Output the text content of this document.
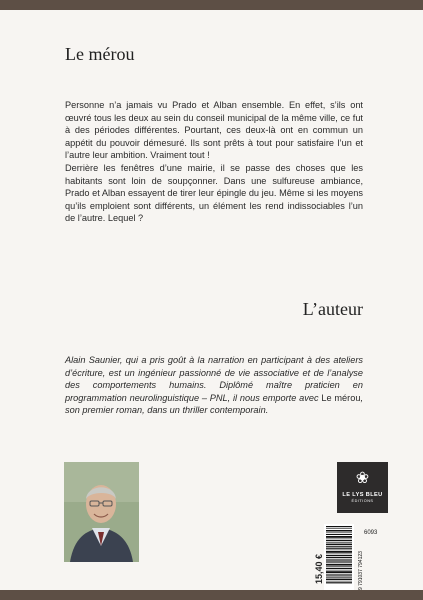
Le mérou

Personne n’a jamais vu Prado et Alban ensemble. En effet, s’ils ont œuvré tous les deux au sein du conseil municipal de la même ville, ce fut à des périodes différentes. Pourtant, ces deux-là ont en commun un appétit du pouvoir démesuré. Ils sont prêts à tout pour satisfaire l’un et l’autre leur ambition. Vraiment tout !

Derrière les fenêtres d’une mairie, il se passe des choses que les habitants sont loin de soupçonner. Dans une sulfureuse ambiance, Prado et Alban essayent de tirer leur épingle du jeu. Même si les moyens qu’ils emploient sont différents, un élément les rend indissociables l’un de l’autre. Lequel ?

L’auteur
Alain Saunier, qui a pris goût à la narration en participant à des ateliers d’écriture, est un ingénieur passionné de vie associative et de l’analyse des comportements humains. Diplômé maître praticien en programmation neurolinguistique – PNL, il nous emporte avec Le mérou, son premier roman, dans un thriller contemporain.
❀
LE LYS BLEU
ÉDITIONS
6093
15,40 €	9 791037 794123
